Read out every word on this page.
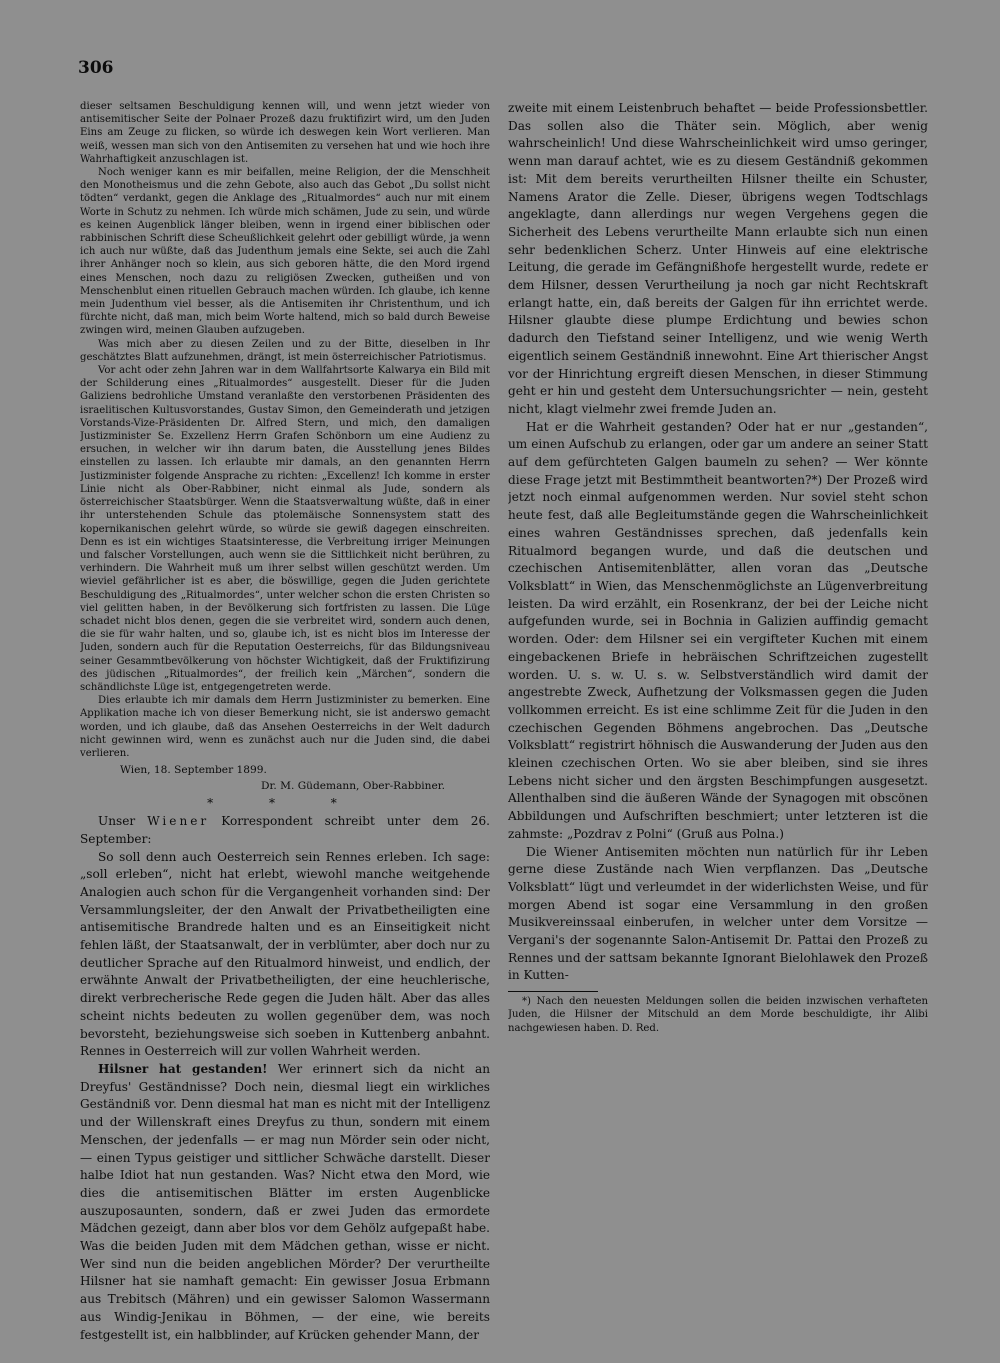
306

dieser seltsamen Beschuldigung kennen will, und wenn jetzt wieder von antisemitischer Seite der Polnaer Prozeß dazu fruktifizirt wird, um den Juden Eins am Zeuge zu flicken, so würde ich deswegen kein Wort verlieren. Man weiß, wessen man sich von den Antisemiten zu versehen hat und wie hoch ihre Wahrhaftigkeit anzuschlagen ist.

Noch weniger kann es mir beifallen, meine Religion, der die Menschheit den Monotheismus und die zehn Gebote, also auch das Gebot „Du sollst nicht tödten“ verdankt, gegen die Anklage des „Ritualmordes“ auch nur mit einem Worte in Schutz zu nehmen. Ich würde mich schämen, Jude zu sein, und würde es keinen Augenblick länger bleiben, wenn in irgend einer biblischen oder rabbinischen Schrift diese Scheußlichkeit gelehrt oder gebilligt würde, ja wenn ich auch nur wüßte, daß das Judenthum jemals eine Sekte, sei auch die Zahl ihrer Anhänger noch so klein, aus sich geboren hätte, die den Mord irgend eines Menschen, noch dazu zu religiösen Zwecken, gutheißen und von Menschenblut einen rituellen Gebrauch machen würden. Ich glaube, ich kenne mein Judenthum viel besser, als die Antisemiten ihr Christenthum, und ich fürchte nicht, daß man, mich beim Worte haltend, mich so bald durch Beweise zwingen wird, meinen Glauben aufzugeben.

Was mich aber zu diesen Zeilen und zu der Bitte, dieselben in Ihr geschätztes Blatt aufzunehmen, drängt, ist mein österreichischer Patriotismus.

Vor acht oder zehn Jahren war in dem Wallfahrtsorte Kalwarya ein Bild mit der Schilderung eines „Ritualmordes“ ausgestellt. Dieser für die Juden Galiziens bedrohliche Umstand veranlaßte den verstorbenen Präsidenten des israelitischen Kultusvorstandes, Gustav Simon, den Gemeinderath und jetzigen Vorstands-Vize-Präsidenten Dr. Alfred Stern, und mich, den damaligen Justizminister Se. Exzellenz Herrn Grafen Schönborn um eine Audienz zu ersuchen, in welcher wir ihn darum baten, die Ausstellung jenes Bildes einstellen zu lassen. Ich erlaubte mir damals, an den genannten Herrn Justizminister folgende Ansprache zu richten: „Excellenz! Ich komme in erster Linie nicht als Ober-Rabbiner, nicht einmal als Jude, sondern als österreichischer Staatsbürger. Wenn die Staatsverwaltung wüßte, daß in einer ihr unterstehenden Schule das ptolemäische Sonnensystem statt des kopernikanischen gelehrt würde, so würde sie gewiß dagegen einschreiten. Denn es ist ein wichtiges Staatsinteresse, die Verbreitung irriger Meinungen und falscher Vorstellungen, auch wenn sie die Sittlichkeit nicht berühren, zu verhindern. Die Wahrheit muß um ihrer selbst willen geschützt werden. Um wieviel gefährlicher ist es aber, die böswillige, gegen die Juden gerichtete Beschuldigung des „Ritualmordes“, unter welcher schon die ersten Christen so viel gelitten haben, in der Bevölkerung sich fortfristen zu lassen. Die Lüge schadet nicht blos denen, gegen die sie verbreitet wird, sondern auch denen, die sie für wahr halten, und so, glaube ich, ist es nicht blos im Interesse der Juden, sondern auch für die Reputation Oesterreichs, für das Bildungsniveau seiner Gesammtbevölkerung von höchster Wichtigkeit, daß der Fruktifizirung des jüdischen „Ritualmordes“, der freilich kein „Märchen“, sondern die schändlichste Lüge ist, entgegengetreten werde.

Dies erlaubte ich mir damals dem Herrn Justizminister zu bemerken. Eine Applikation mache ich von dieser Bemerkung nicht, sie ist anderswo gemacht worden, und ich glaube, daß das Ansehen Oesterreichs in der Welt dadurch nicht gewinnen wird, wenn es zunächst auch nur die Juden sind, die dabei verlieren.

Wien, 18. September 1899.
Dr. M. Güdemann, Ober-Rabbiner.
* * *

Unser Wiener Korrespondent schreibt unter dem 26. September:

So soll denn auch Oesterreich sein Rennes erleben. Ich sage: „soll erleben“, nicht hat erlebt, wiewohl manche weitgehende Analogien auch schon für die Vergangenheit vorhanden sind: Der Versammlungsleiter, der den Anwalt der Privatbetheiligten eine antisemitische Brandrede halten und es an Einseitigkeit nicht fehlen läßt, der Staatsanwalt, der in verblümter, aber doch nur zu deutlicher Sprache auf den Ritualmord hinweist, und endlich, der erwähnte Anwalt der Privatbetheiligten, der eine heuchlerische, direkt verbrecherische Rede gegen die Juden hält. Aber das alles scheint nichts bedeuten zu wollen gegenüber dem, was noch bevorsteht, beziehungsweise sich soeben in Kuttenberg anbahnt. Rennes in Oesterreich will zur vollen Wahrheit werden.

Hilsner hat gestanden! Wer erinnert sich da nicht an Dreyfus' Geständnisse? Doch nein, diesmal liegt ein wirkliches Geständniß vor. Denn diesmal hat man es nicht mit der Intelligenz und der Willenskraft eines Dreyfus zu thun, sondern mit einem Menschen, der jedenfalls — er mag nun Mörder sein oder nicht, — einen Typus geistiger und sittlicher Schwäche darstellt. Dieser halbe Idiot hat nun gestanden. Was? Nicht etwa den Mord, wie dies die antisemitischen Blätter im ersten Augenblicke auszuposaunten, sondern, daß er zwei Juden das ermordete Mädchen gezeigt, dann aber blos vor dem Gehölz aufgepaßt habe. Was die beiden Juden mit dem Mädchen gethan, wisse er nicht. Wer sind nun die beiden angeblichen Mörder? Der verurtheilte Hilsner hat sie namhaft gemacht: Ein gewisser Josua Erbmann aus Trebitsch (Mähren) und ein gewisser Salomon Wassermann aus Windig-Jenikau in Böhmen, — der eine, wie bereits festgestellt ist, ein halbblinder, auf Krücken gehender Mann, der

zweite mit einem Leistenbruch behaftet — beide Professionsbettler. Das sollen also die Thäter sein. Möglich, aber wenig wahrscheinlich! Und diese Wahrscheinlichkeit wird umso geringer, wenn man darauf achtet, wie es zu diesem Geständniß gekommen ist: Mit dem bereits verurtheilten Hilsner theilte ein Schuster, Namens Arator die Zelle. Dieser, übrigens wegen Todtschlags angeklagte, dann allerdings nur wegen Vergehens gegen die Sicherheit des Lebens verurtheilte Mann erlaubte sich nun einen sehr bedenklichen Scherz. Unter Hinweis auf eine elektrische Leitung, die gerade im Gefängnißhofe hergestellt wurde, redete er dem Hilsner, dessen Verurtheilung ja noch gar nicht Rechtskraft erlangt hatte, ein, daß bereits der Galgen für ihn errichtet werde. Hilsner glaubte diese plumpe Erdichtung und bewies schon dadurch den Tiefstand seiner Intelligenz, und wie wenig Werth eigentlich seinem Geständniß innewohnt. Eine Art thierischer Angst vor der Hinrichtung ergreift diesen Menschen, in dieser Stimmung geht er hin und gesteht dem Untersuchungsrichter — nein, gesteht nicht, klagt vielmehr zwei fremde Juden an.

Hat er die Wahrheit gestanden? Oder hat er nur „gestanden“, um einen Aufschub zu erlangen, oder gar um andere an seiner Statt auf dem gefürchteten Galgen baumeln zu sehen? — Wer könnte diese Frage jetzt mit Bestimmtheit beantworten?*) Der Prozeß wird jetzt noch einmal aufgenommen werden. Nur soviel steht schon heute fest, daß alle Begleitumstände gegen die Wahrscheinlichkeit eines wahren Geständnisses sprechen, daß jedenfalls kein Ritualmord begangen wurde, und daß die deutschen und czechischen Antisemitenblätter, allen voran das „Deutsche Volksblatt“ in Wien, das Menschenmöglichste an Lügenverbreitung leisten. Da wird erzählt, ein Rosenkranz, der bei der Leiche nicht aufgefunden wurde, sei in Bochnia in Galizien auffindig gemacht worden. Oder: dem Hilsner sei ein vergifteter Kuchen mit einem eingebackenen Briefe in hebräischen Schriftzeichen zugestellt worden. U. s. w. U. s. w. Selbstverständlich wird damit der angestrebte Zweck, Aufhetzung der Volksmassen gegen die Juden vollkommen erreicht. Es ist eine schlimme Zeit für die Juden in den czechischen Gegenden Böhmens angebrochen. Das „Deutsche Volksblatt“ registrirt höhnisch die Auswanderung der Juden aus den kleinen czechischen Orten. Wo sie aber bleiben, sind sie ihres Lebens nicht sicher und den ärgsten Beschimpfungen ausgesetzt. Allenthalben sind die äußeren Wände der Synagogen mit obscönen Abbildungen und Aufschriften beschmiert; unter letzteren ist die zahmste: „Pozdrav z Polni“ (Gruß aus Polna.)

Die Wiener Antisemiten möchten nun natürlich für ihr Leben gerne diese Zustände nach Wien verpflanzen. Das „Deutsche Volksblatt“ lügt und verleumdet in der widerlichsten Weise, und für morgen Abend ist sogar eine Versammlung in den großen Musikvereinssaal einberufen, in welcher unter dem Vorsitze — Vergani's der sogenannte Salon-Antisemit Dr. Pattai den Prozeß zu Rennes und der sattsam bekannte Ignorant Bielohlawek den Prozeß in Kutten-

*) Nach den neuesten Meldungen sollen die beiden inzwischen verhafteten Juden, die Hilsner der Mitschuld an dem Morde beschuldigte, ihr Alibi nachgewiesen haben. D. Red.
